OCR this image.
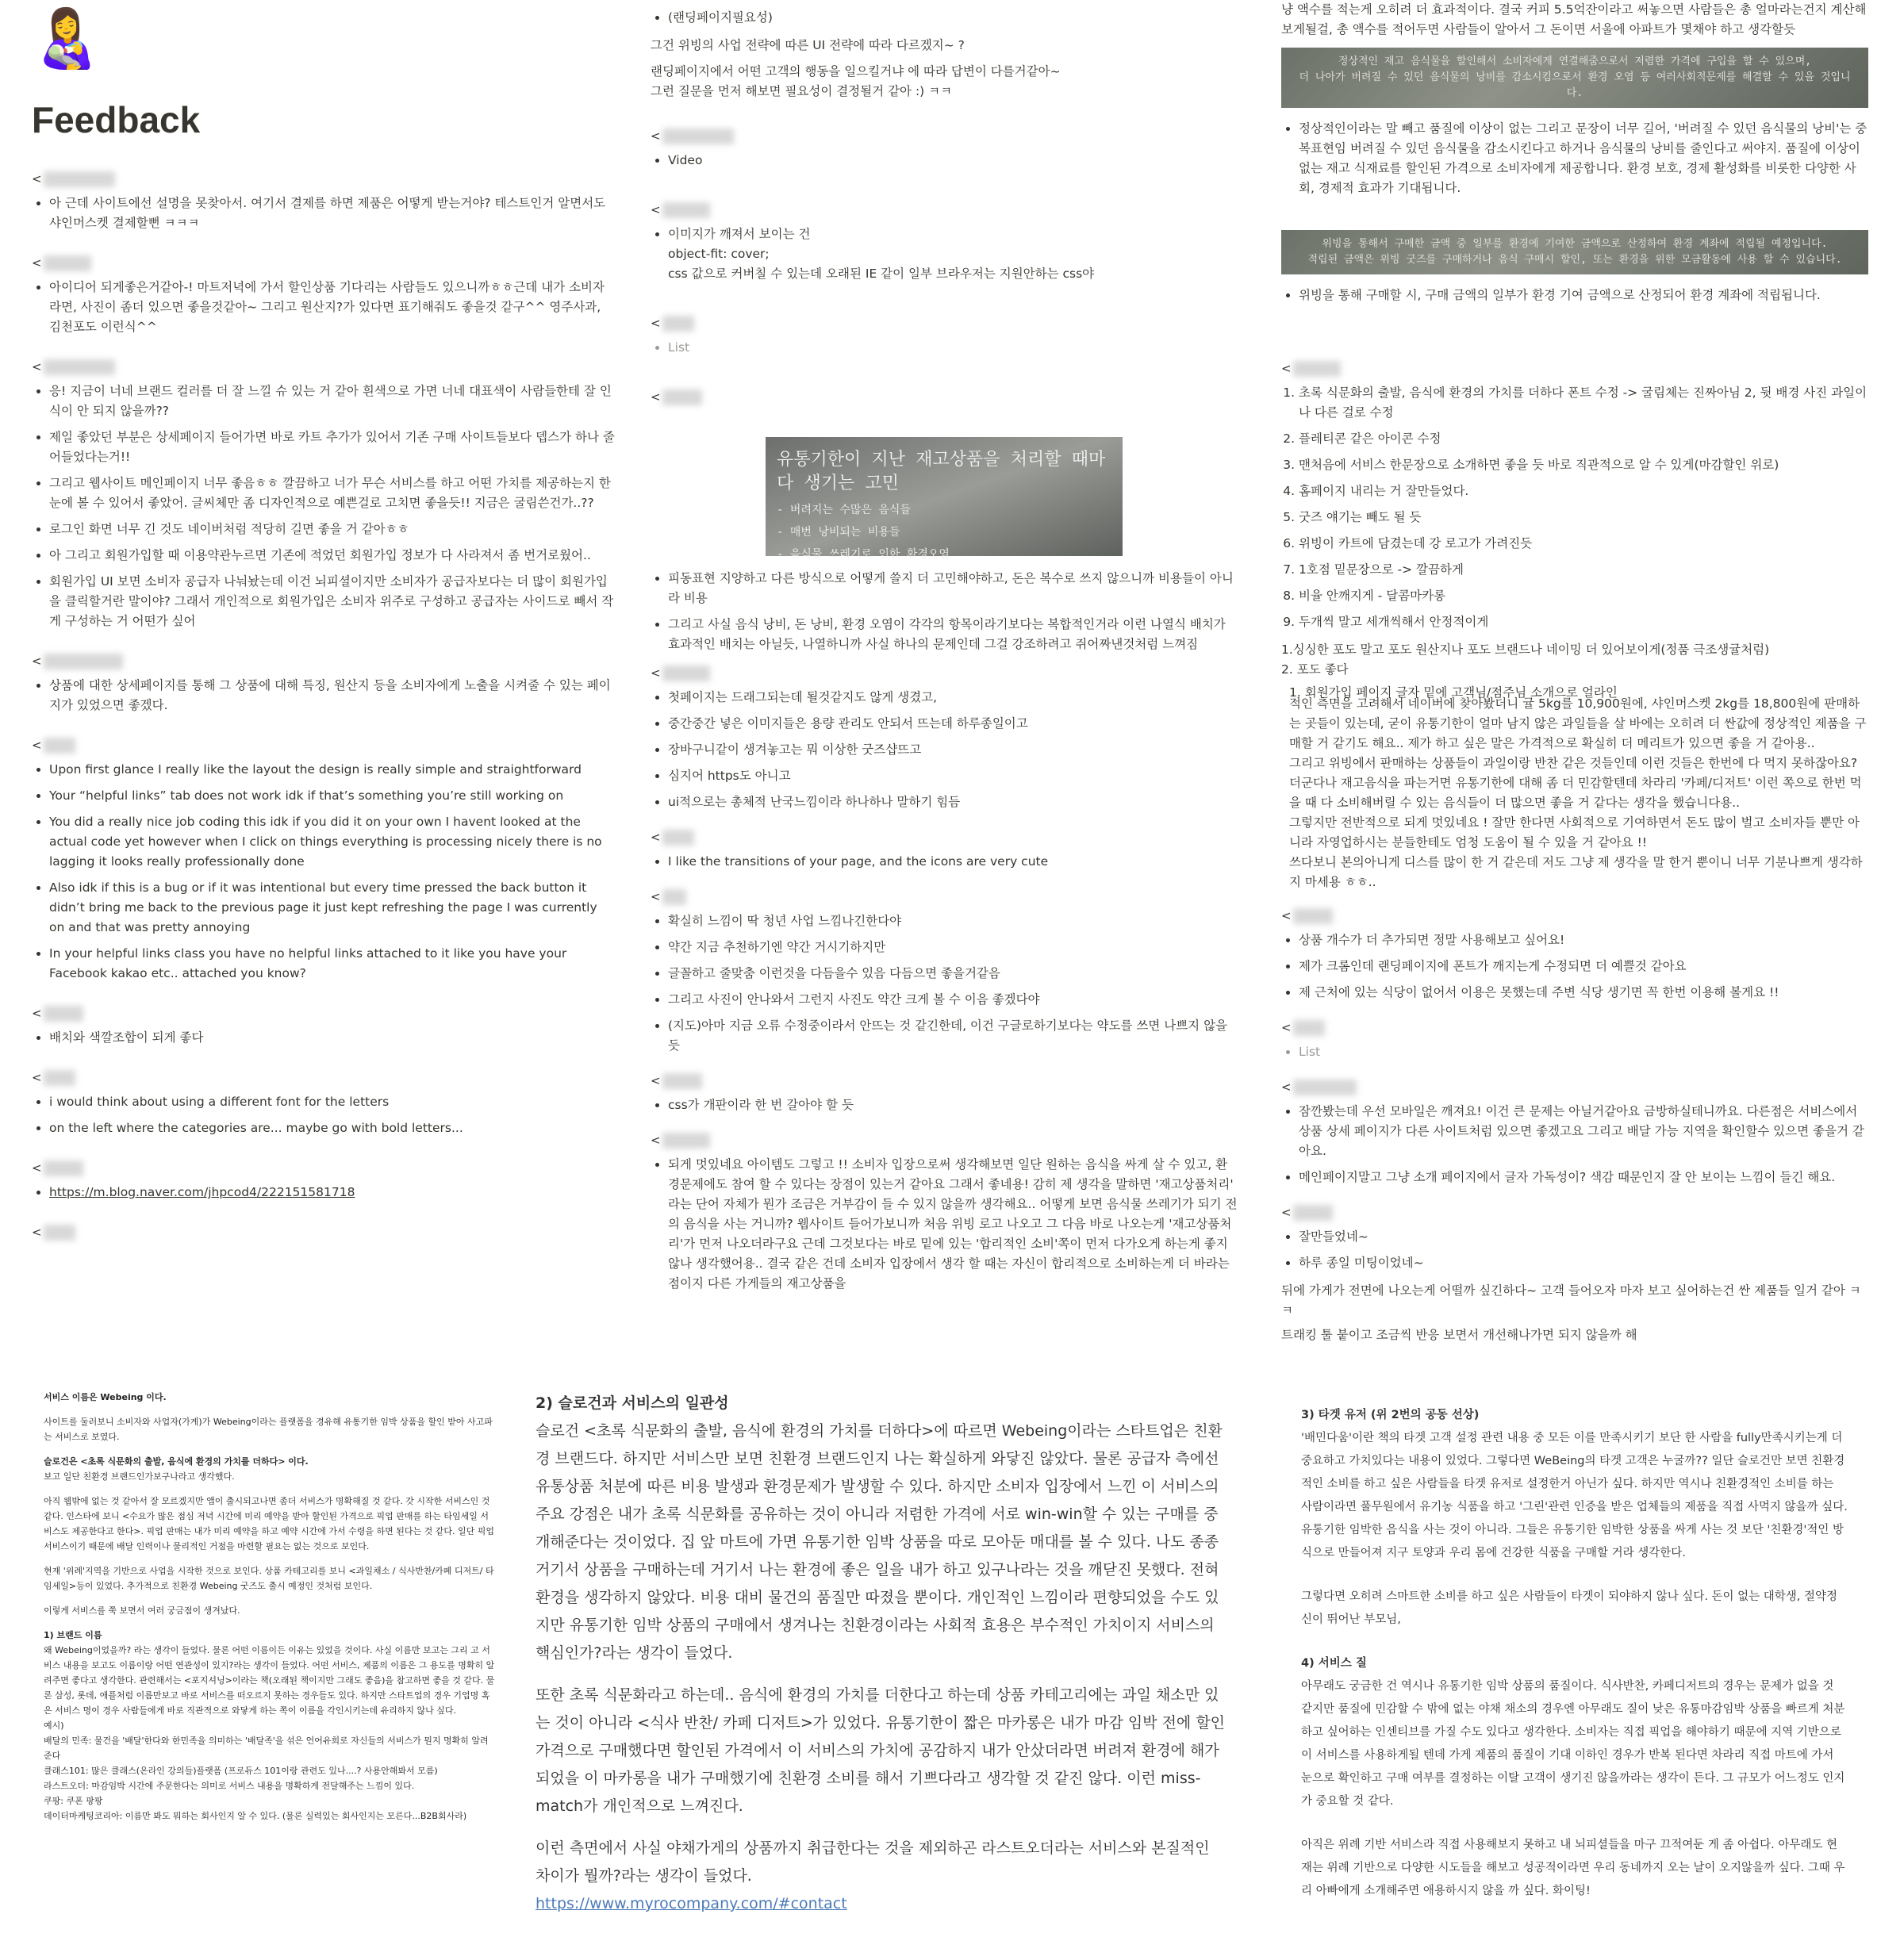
👩‍🍼
Feedback
<
• 아 근데 사이트에선 설명을 못찾아서. 여기서 결제를 하면 제품은 어떻게 받는거야? 테스트인거 알면서도 샤인머스켓 결제할뻔 ㅋㅋㅋ
<
• 아이디어 되게좋은거같아-! 마트저녁에 가서 할인상품 기다리는 사람들도 있으니까ㅎㅎ근데 내가 소비자라면, 사진이 좀더 있으면 좋을것같아~ 그리고 원산지?가 있다면 표기해줘도 좋을것 같구^^ 영주사과, 김천포도 이런식^^
<
• 응! 지금이 너네 브랜드 컬러를 더 잘 느낄 슈 있는 거 같아 흰색으로 가면 너네 대표색이 사람들한테 잘 인식이 안 되지 않을까??
• 제일 좋았던 부분은 상세페이지 들어가면 바로 카트 추가가 있어서 기존 구매 사이트들보다 뎁스가 하나 줄어들었다는거!!
• 그리고 웹사이트 메인페이지 너무 좋음ㅎㅎ 깔끔하고 너가 무슨 서비스를 하고 어떤 가치를 제공하는지 한눈에 볼 수 있어서 좋았어. 글씨체만 좀 디자인적으로 예쁜걸로 고치면 좋을듯!! 지금은 굴림쓴건가..??
• 로그인 화면 너무 긴 것도 네이버처럼 적당히 길면 좋을 거 같아ㅎㅎ
• 아 그리고 회원가입할 때 이용약관누르면 기존에 적었던 회원가입 정보가 다 사라져서 좀 번거로웠어..
• 회원가입 UI 보면 소비자 공급자 나눠놨는데 이건 뇌피셜이지만 소비자가 공급자보다는 더 많이 회원가입을 클릭할거란 말이야? 그래서 개인적으로 회원가입은 소비자 위주로 구성하고 공급자는 사이드로 빼서 작게 구성하는 거 어떤가 싶어
<
• 상품에 대한 상세페이지를 통해 그 상품에 대해 특징, 원산지 등을 소비자에게 노출을 시켜줄 수 있는 페이지가 있었으면 좋겠다.
<
• Upon first glance I really like the layout the design is really simple and straightforward
• Your “helpful links” tab does not work idk if that’s something you’re still working on
• You did a really nice job coding this idk if you did it on your own I havent looked at the actual code yet however when I click on things everything is processing nicely there is no lagging it looks really professionally done
• Also idk if this is a bug or if it was intentional but every time pressed the back button it didn’t bring me back to the previous page it just kept refreshing the page I was currently on and that was pretty annoying
• In your helpful links class you have no helpful links attached to it like you have your Facebook kakao etc.. attached you know?
<
• 배치와 색깔조합이 되게 좋다
<
• i would think about using a different font for the letters
• on the left where the categories are... maybe go with bold letters...
<
• https://m.blog.naver.com/jhpcod4/222151581718
<
• (랜딩페이지필요성)
그건 위빙의 사업 전략에 따른 UI 전략에 따라 다르겠지~ ?
랜딩페이지에서 어떤 고객의 행동을 일으킬거냐 에 따라 답변이 다를거같아~
그런 질문을 먼저 해보면 필요성이 결정될거 같아 :) ㅋㅋ
<
• Video
<
• 이미지가 깨져서 보이는 건
object-fit: cover;
css 값으로 커버칠 수 있는데 오래된 IE 같이 일부 브라우저는 지원안하는 css야
<
• List
<
유통기한이 지난 재고상품을 처리할 때마다 생기는 고민
- 버려지는 수많은 음식들
- 매번 낭비되는 비용들
- 음식물 쓰레기로 인한 환경오염
• 피동표현 지양하고 다른 방식으로 어떻게 쓸지 더 고민해야하고, 돈은 복수로 쓰지 않으니까 비용들이 아니라 비용
• 그리고 사실 음식 낭비, 돈 낭비, 환경 오염이 각각의 항목이라기보다는 복합적인거라 이런 나열식 배치가 효과적인 배치는 아닐듯, 나열하니까 사실 하나의 문제인데 그걸 강조하려고 쥐어짜낸것처럼 느껴짐
<
• 첫페이지는 드래그되는데 될것같지도 않게 생겼고,
• 중간중간 넣은 이미지들은 용량 관리도 안되서 뜨는데 하루종일이고
• 장바구니같이 생겨놓고는 뭐 이상한 굿즈샵뜨고
• 심지어 https도 아니고
• ui적으로는 총체적 난국느낌이라 하나하나 말하기 힘듬
<
• I like the transitions of your page, and the icons are very cute
<
• 확실히 느낌이 딱 청년 사업 느낌나긴한다야
• 약간 지금 추천하기엔 약간 거시기하지만
• 글꼴하고 줄맞춤 이런것을 다듬을수 있음 다듬으면 좋을거같음
• 그리고 사진이 안나와서 그런지 사진도 약간 크게 볼 수 이음 좋겠다야
• (지도)아마 지금 오류 수정중이라서 안뜨는 것 같긴한데, 이건 구글로하기보다는 약도를 쓰면 나쁘지 않을듯
<
• css가 개판이라 한 번 갈아야 할 듯
<
• 되게 멋있네요 아이템도 그렇고 !! 소비자 입장으로써 생각해보면 일단 원하는 음식을 싸게 살 수 있고, 환경문제에도 참여 할 수 있다는 장점이 있는거 같아요 그래서 좋네용! 감히 제 생각을 말하면 '재고상품처리' 라는 단어 자체가 뭔가 조금은 거부감이 들 수 있지 않을까 생각해요.. 어떻게 보면 음식물 쓰레기가 되기 전의 음식을 사는 거니까? 웹사이트 들어가보니까 처음 위빙 로고 나오고 그 다음 바로 나오는게 '재고상품처리'가 먼저 나오더라구요 근데 그것보다는 바로 밑에 있는 '합리적인 소비'쪽이 먼저 다가오게 하는게 좋지 않나 생각했어용.. 결국 같은 건데 소비자 입장에서 생각 할 때는 자신이 합리적으로 소비하는게 더 바라는 점이지 다른 가게들의 재고상품을
냥 액수를 적는게 오히려 더 효과적이다. 결국 커피 5.5억잔이라고 써놓으면 사람들은 총 얼마라는건지 계산해보게될걸, 총 액수를 적어두면 사람들이 알아서 그 돈이면 서울에 아파트가 몇채야 하고 생각할듯
정상적인 재고 음식물을 할인해서 소비자에게 연결해줌으로서 저렴한 가격에 구입을 할 수 있으며,
더 나아가 버려질 수 있던 음식물의 낭비를 감소시킴으로서 환경 오염 등 여러사회적문제를 해결할 수 있을 것입니다.
• 정상적인이라는 말 빼고 품질에 이상이 없는 그리고 문장이 너무 길어, '버려질 수 있던 음식물의 낭비'는 중복표현임 버려질 수 있던 음식물을 감소시킨다고 하거나 음식물의 낭비를 줄인다고 써야지. 품질에 이상이 없는 재고 식재료를 할인된 가격으로 소비자에게 제공합니다. 환경 보호, 경제 활성화를 비롯한 다양한 사회, 경제적 효과가 기대됩니다.
위빙을 통해서 구매한 금액 중 일부를 환경에 기여한 금액으로 산정하여 환경 계좌에 적립될 예정입니다.
적립된 금액은 위빙 굿즈를 구매하거나 음식 구매시 할인, 또는 환경을 위한 모금활동에 사용 할 수 있습니다.
• 위빙을 통해 구매할 시, 구매 금액의 일부가 환경 기여 금액으로 산정되어 환경 계좌에 적립됩니다.
<
1. 초록 식문화의 출발, 음식에 환경의 가치를 더하다 폰트 수정 -> 굴림체는 진짜아님 2, 뒷 배경 사진 과일이나 다른 걸로 수정
2. 플레티콘 같은 아이콘 수정
3. 맨처음에 서비스 한문장으로 소개하면 좋을 듯 바로 직관적으로 알 수 있게(마감할인 위로)
4. 홈페이지 내리는 거 잘만들었다.
5. 굿즈 얘기는 빼도 될 듯
6. 위빙이 카트에 담겼는데 강 로고가 가려진듯
7. 1호점 밑문장으로 -> 깔끔하게
8. 비율 안깨지게 - 달콤마카롱
9. 두개씩 말고 세개씩해서 안정적이게
1.싱싱한 포도 말고 포도 원산지나 포도 브랜드나 네이밍 더 있어보이게(정품 극조생귤처럼)
2. 포도 좋다
1. 회원가입 페이지 글자 밑에 고객님/점주님 소개으로 얼라인
적인 측면을 고려해서 네이버에 찾아봤더니 귤 5kg를 10,900원에, 샤인머스켓 2kg를 18,800원에 판매하는 곳들이 있는데, 굳이 유통기한이 얼마 남지 않은 과일들을 살 바에는 오히려 더 싼값에 정상적인 제품을 구매할 거 같기도 해요.. 제가 하고 싶은 말은 가격적으로 확실히 더 메리트가 있으면 좋을 거 같아용..
그리고 위빙에서 판매하는 상품들이 과일이랑 반찬 같은 것들인데 이런 것들은 한번에 다 먹지 못하잖아요? 더군다나 재고음식을 파는거면 유통기한에 대해 좀 더 민감할텐데 차라리 '카페/디저트' 이런 쪽으로 한번 먹을 때 다 소비해버릴 수 있는 음식들이 더 많으면 좋을 거 같다는 생각을 했습니다용..
그렇지만 전반적으로 되게 멋있네요 ! 잘만 한다면 사회적으로 기여하면서 돈도 많이 벌고 소비자들 뿐만 아니라 자영업하시는 분들한테도 엄청 도움이 될 수 있을 거 같아요 !!
쓰다보니 본의아니게 디스를 많이 한 거 같은데 저도 그냥 제 생각을 말 한거 뿐이니 너무 기분나쁘게 생각하지 마세용 ㅎㅎ..
<
• 상품 개수가 더 추가되면 정말 사용해보고 싶어요!
• 제가 크롬인데 랜딩페이지에 폰트가 깨지는게 수정되면 더 예쁠것 같아요
• 제 근처에 있는 식당이 없어서 이용은 못했는데 주변 식당 생기면 꼭 한번 이용해 볼게요 !!
<
• List
<
• 잠깐봤는데 우선 모바일은 깨져요! 이건 큰 문제는 아닐거같아요 금방하실테니까요. 다른점은 서비스에서 상품 상세 페이지가 다른 사이트처럼 있으면 좋겠고요 그리고 배달 가능 지역을 확인할수 있으면 좋을거 같아요.
• 메인페이지말고 그냥 소개 페이지에서 글자 가독성이? 색감 때문인지 잘 안 보이는 느낌이 들긴 해요.
<
• 잘만들었네~
• 하루 종일 미팅이었네~
뒤에 가게가 전면에 나오는게 어떨까 싶긴하다~ 고객 들어오자 마자 보고 싶어하는건 싼 제품들 일거 같아 ㅋㅋ
트래킹 툴 붙이고 조금씩 반응 보면서 개선해나가면 되지 않을까 해

서비스 이름은 Webeing 이다.

사이트를 둘러보니 소비자와 사업자(가게)가 Webeing이라는 플랫폼을 경유해 유통기한 임박 상품을 할인 받아 사고파는 서비스로 보였다.

슬로건은 <초록 식문화의 출발, 음식에 환경의 가치를 더하다> 이다.

보고 일단 친환경 브랜드인가보구나라고 생각했다.

아직 웹밖에 없는 것 같아서 잘 모르겠지만 앱이 출시되고나면 좀더 서비스가 명확해질 것 같다. 갓 시작한 서비스인 것 같다. 인스타에 보니 <수요가 많은 점심 저녁 시간에 미리 예약을 받아 할인된 가격으로 픽업 판매를 하는 타임세일 서비스도 제공한다고 한다>. 픽업 판매는 내가 미리 예약을 하고 예약 시간에 가서 수령을 하면 된다는 것 같다. 일단 픽업 서비스이기 때문에 배달 인력이나 물리적인 거점을 마련할 필요는 없는 것으로 보인다.

현재 '위례'지역을 기반으로 사업을 시작한 것으로 보인다. 상품 카테고리를 보니 <과일채소 / 식사반찬/카페 디저트/ 타임세일>등이 있었다. 추가적으로 친환경 Webeing 굿즈도 출시 예정인 것처럼 보인다.

이렇게 서비스를 쭉 보면서 여러 궁금점이 생겨났다.

1) 브랜드 이름

왜 Webeing이었을까? 라는 생각이 들었다. 물론 어떤 이름이든 이유는 있었을 것이다. 사실 이름만 보고는 그리 고 서비스 내용을 보고도 이름이랑 어떤 연관성이 있지?라는 생각이 들었다. 어떤 서비스, 제품의 이름은 그 용도를 명확히 알려주면 좋다고 생각한다. 관련해서는 <포지셔닝>이라는 책(오래된 책이지만 그래도 좋음)을 참고하면 좋을 것 같다. 물론 삼성, 롯데, 애플처럼 이름만보고 바로 서비스를 떠오르지 못하는 경우들도 있다. 하지만 스타트업의 경우 기업명 혹은 서비스 명이 경우 사람들에게 바로 직관적으로 와닿게 하는 쪽이 이름을 각인시키는데 유리하지 않나 싶다.

예시)

배달의 민족: 물건을 '배달'한다와 한민족을 의미하는 '배달족'을 섞은 언어유희로 자신들의 서비스가 뭔지 명확히 알려준다

클래스101: 많은 클래스(온라인 강의들)플랫폼 (프로듀스 101이랑 관련도 있나....? 사용안해봐서 모름)

라스트오더: 마감임박 시간에 주문한다는 의미로 서비스 내용을 명확하게 전달해주는 느낌이 있다.

쿠팡: 쿠폰 팡팡

데이터마케팅코리아: 이름만 봐도 뭐하는 회사인지 알 수 있다. (물론 실력있는 회사인지는 모른다...B2B회사라)

2) 슬로건과 서비스의 일관성

슬로건 <초록 식문화의 출발, 음식에 환경의 가치를 더하다>에 따르면 Webeing이라는 스타트업은 친환경 브랜드다. 하지만 서비스만 보면 친환경 브랜드인지 나는 확실하게 와닿진 않았다. 물론 공급자 측에선 유통상품 처분에 따른 비용 발생과 환경문제가 발생할 수 있다. 하지만 소비자 입장에서 느낀 이 서비스의 주요 강점은 내가 초록 식문화를 공유하는 것이 아니라 저렴한 가격에 서로 win-win할 수 있는 구매를 중개해준다는 것이었다. 집 앞 마트에 가면 유통기한 임박 상품을 따로 모아둔 매대를 볼 수 있다. 나도 종종 거기서 상품을 구매하는데 거기서 나는 환경에 좋은 일을 내가 하고 있구나라는 것을 깨닫진 못했다. 전혀 환경을 생각하지 않았다. 비용 대비 물건의 품질만 따졌을 뿐이다. 개인적인 느낌이라 편향되었을 수도 있지만 유통기한 임박 상품의 구매에서 생겨나는 친환경이라는 사회적 효용은 부수적인 가치이지 서비스의 핵심인가?라는 생각이 들었다.

또한 초록 식문화라고 하는데.. 음식에 환경의 가치를 더한다고 하는데 상품 카테고리에는 과일 채소만 있는 것이 아니라 <식사 반찬/ 카페 디저트>가 있었다. 유통기한이 짧은 마카롱은 내가 마감 임박 전에 할인 가격으로 구매했다면 할인된 가격에서 이 서비스의 가치에 공감하지 내가 안샀더라면 버려져 환경에 해가 되었을 이 마카롱을 내가 구매했기에 친환경 소비를 해서 기쁘다라고 생각할 것 같진 않다. 이런 miss-match가 개인적으로 느껴진다.

이런 측면에서 사실 야채가게의 상품까지 취급한다는 것을 제외하곤 라스트오더라는 서비스와 본질적인 차이가 뭘까?라는 생각이 들었다.

https://www.myrocompany.com/#contact

3) 타겟 유저 (위 2번의 공동 선상)

'배민다움'이란 책의 타겟 고객 설정 관련 내용 중 모든 이를 만족시키기 보단 한 사람을 fully만족시키는게 더 중요하고 가치있다는 내용이 있었다. 그렇다면 WeBeing의 타겟 고객은 누굴까?? 일단 슬로건만 보면 친환경적인 소비를 하고 싶은 사람들을 타겟 유저로 설정한거 아닌가 싶다. 하지만 역시나 친환경적인 소비를 하는 사람이라면 풀무원에서 유기농 식품을 하고 '그린'관련 인증을 받은 업체들의 제품을 직접 사먹지 않을까 싶다. 유통기한 임박한 음식을 사는 것이 아니라. 그들은 유통기한 임박한 상품을 싸게 사는 것 보단 '친환경'적인 방식으로 만들어져 지구 토양과 우리 몸에 건강한 식품을 구매할 거라 생각한다.

그렇다면 오히려 스마트한 소비를 하고 싶은 사람들이 타겟이 되야하지 않나 싶다. 돈이 없는 대학생, 절약정신이 뛰어난 부모님,

4) 서비스 질

아무래도 궁금한 건 역시나 유통기한 임박 상품의 품질이다. 식사반찬, 카페디저트의 경우는 문제가 없을 것 같지만 품질에 민감할 수 밖에 없는 야채 채소의 경우엔 아무래도 질이 낮은 유통마감임박 상품을 빠르게 처분하고 싶어하는 인센티브를 가질 수도 있다고 생각한다. 소비자는 직접 픽업을 해야하기 때문에 지역 기반으로 이 서비스를 사용하게될 텐데 가게 제품의 품질이 기대 이하인 경우가 반복 된다면 차라리 직접 마트에 가서 눈으로 확인하고 구매 여부를 결정하는 이탈 고객이 생기진 않을까라는 생각이 든다. 그 규모가 어느정도 인지가 중요할 것 같다.

아직은 위례 기반 서비스라 직접 사용해보지 못하고 내 뇌피셜들을 마구 끄적여둔 게 좀 아쉽다. 아무래도 현재는 위례 기반으로 다양한 시도들을 해보고 성공적이라면 우리 동네까지 오는 날이 오지않을까 싶다. 그때 우리 아빠에게 소개해주면 애용하시지 않을 까 싶다. 화이팅!
